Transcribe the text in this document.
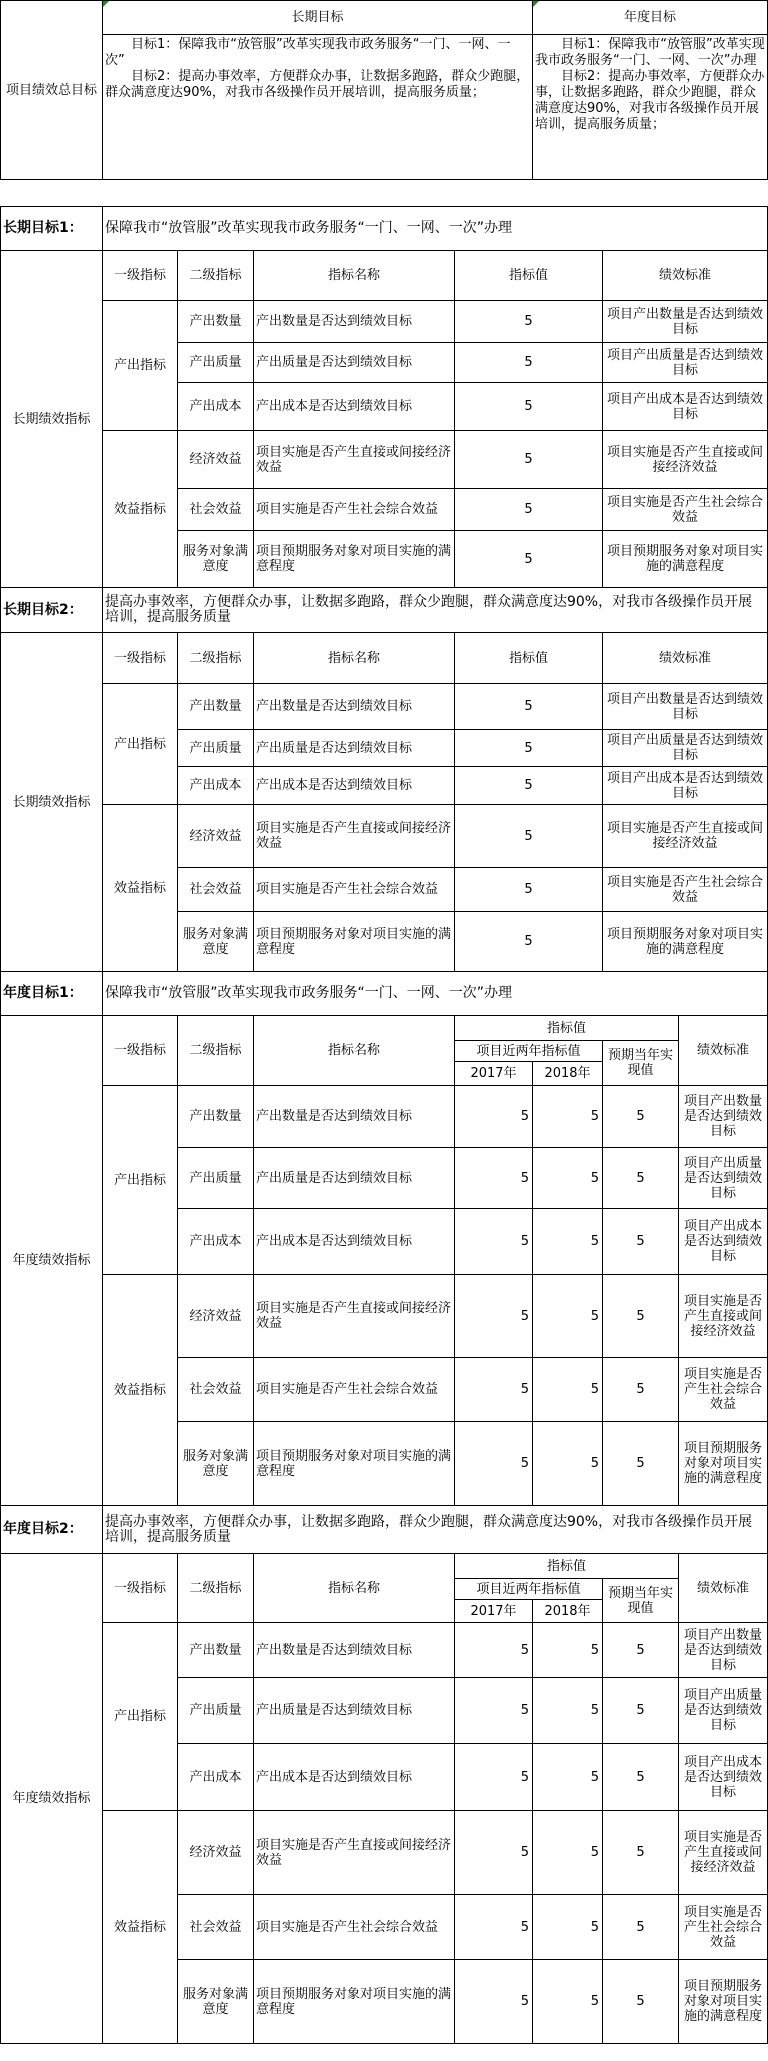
项目绩效总目标	长期目标				年度目标		
	　　目标1：保障我市“放管服”改革实现我市政务服务“一门、一网、一次”
　　目标2：提高办事效率，方便群众办事，让数据多跑路，群众少跑腿，群众满意度达90%，对我市各级操作员开展培训，提高服务质量；				　　目标1：保障我市“放管服”改革实现我市政务服务“一门、一网、一次”办理
　　目标2：提高办事效率，方便群众办事，让数据多跑路，群众少跑腿，群众满意度达90%，对我市各级操作员开展培训，提高服务质量；		

长期目标1：	保障我市“放管服”改革实现我市政务服务“一门、一网、一次”办理						
长期绩效指标	一级指标	二级指标	指标名称	指标值		绩效标准	
	产出指标	产出数量	产出数量是否达到绩效目标	5		项目产出数量是否达到绩效目标	
		产出质量	产出质量是否达到绩效目标	5		项目产出质量是否达到绩效目标	
		产出成本	产出成本是否达到绩效目标	5		项目产出成本是否达到绩效目标	
	效益指标	经济效益	项目实施是否产生直接或间接经济效益	5		项目实施是否产生直接或间接经济效益	
		社会效益	项目实施是否产生社会综合效益	5		项目实施是否产生社会综合效益	
		服务对象满意度	项目预期服务对象对项目实施的满意程度	5		项目预期服务对象对项目实施的满意程度	
长期目标2：	提高办事效率，方便群众办事，让数据多跑路，群众少跑腿，群众满意度达90%，对我市各级操作员开展培训，提高服务质量						
长期绩效指标	一级指标	二级指标	指标名称	指标值		绩效标准	
	产出指标	产出数量	产出数量是否达到绩效目标	5		项目产出数量是否达到绩效目标	
		产出质量	产出质量是否达到绩效目标	5		项目产出质量是否达到绩效目标	
		产出成本	产出成本是否达到绩效目标	5		项目产出成本是否达到绩效目标	
	效益指标	经济效益	项目实施是否产生直接或间接经济效益	5		项目实施是否产生直接或间接经济效益	
		社会效益	项目实施是否产生社会综合效益	5		项目实施是否产生社会综合效益	
		服务对象满意度	项目预期服务对象对项目实施的满意程度	5		项目预期服务对象对项目实施的满意程度	
年度目标1：	保障我市“放管服”改革实现我市政务服务“一门、一网、一次”办理						
年度绩效指标	一级指标	二级指标	指标名称	指标值			绩效标准
				项目近两年指标值		预期当年实现值	
				2017年	2018年		
	产出指标	产出数量	产出数量是否达到绩效目标	5	5	5	项目产出数量是否达到绩效目标
		产出质量	产出质量是否达到绩效目标	5	5	5	项目产出质量是否达到绩效目标
		产出成本	产出成本是否达到绩效目标	5	5	5	项目产出成本是否达到绩效目标
	效益指标	经济效益	项目实施是否产生直接或间接经济效益	5	5	5	项目实施是否产生直接或间接经济效益
		社会效益	项目实施是否产生社会综合效益	5	5	5	项目实施是否产生社会综合效益
		服务对象满意度	项目预期服务对象对项目实施的满意程度	5	5	5	项目预期服务对象对项目实施的满意程度
年度目标2：	提高办事效率，方便群众办事，让数据多跑路，群众少跑腿，群众满意度达90%，对我市各级操作员开展培训，提高服务质量						
年度绩效指标	一级指标	二级指标	指标名称	指标值			绩效标准
				项目近两年指标值		预期当年实现值	
				2017年	2018年		
	产出指标	产出数量	产出数量是否达到绩效目标	5	5	5	项目产出数量是否达到绩效目标
		产出质量	产出质量是否达到绩效目标	5	5	5	项目产出质量是否达到绩效目标
		产出成本	产出成本是否达到绩效目标	5	5	5	项目产出成本是否达到绩效目标
	效益指标	经济效益	项目实施是否产生直接或间接经济效益	5	5	5	项目实施是否产生直接或间接经济效益
		社会效益	项目实施是否产生社会综合效益	5	5	5	项目实施是否产生社会综合效益
		服务对象满意度	项目预期服务对象对项目实施的满意程度	5	5	5	项目预期服务对象对项目实施的满意程度
